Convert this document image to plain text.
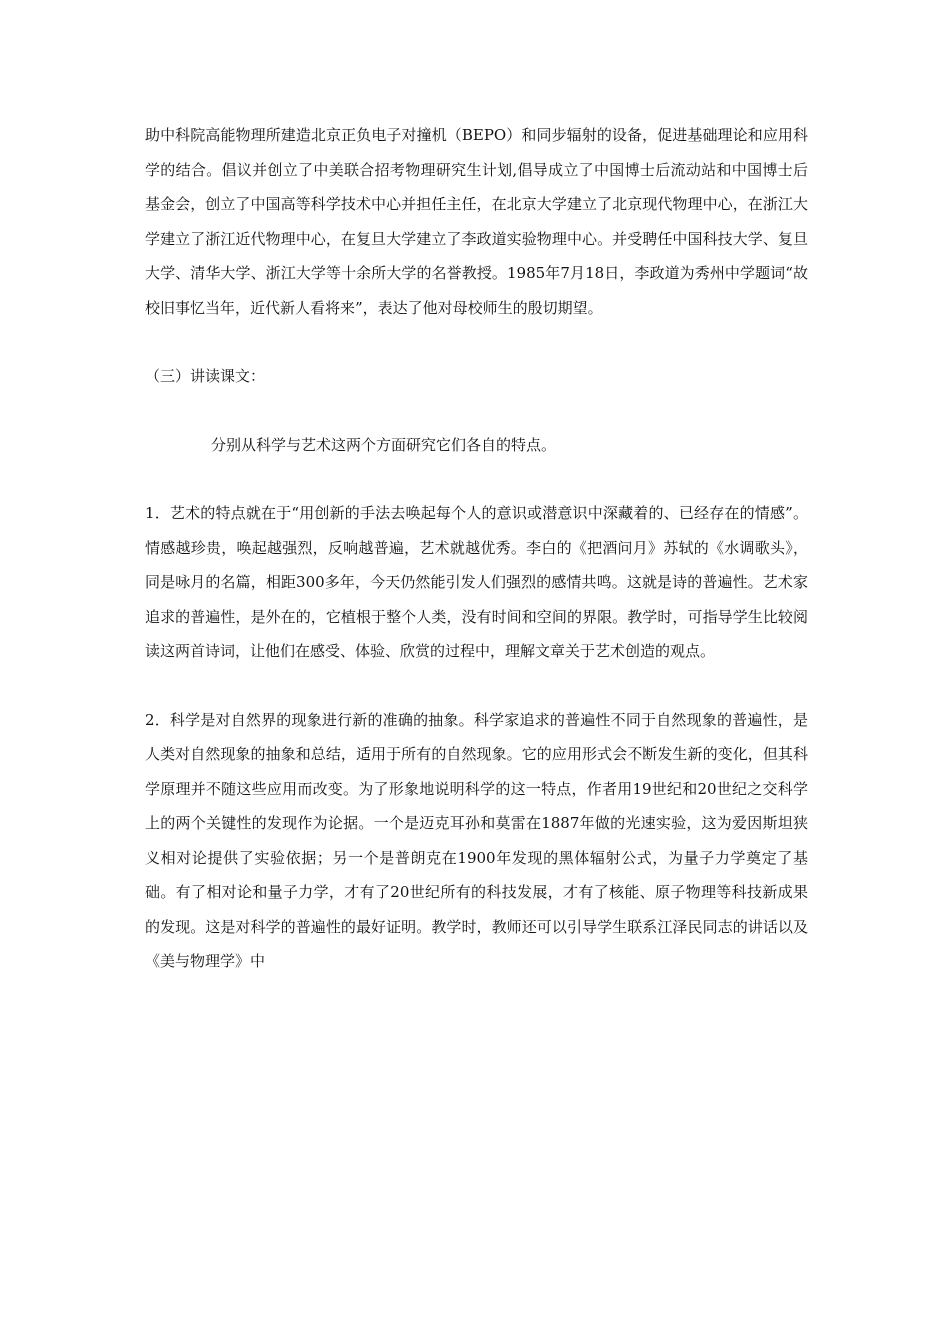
助中科院高能物理所建造北京正负电子对撞机（BEPO）和同步辐射的设备，促进基础理论和应用科学的结合。倡议并创立了中美联合招考物理研究生计划,倡导成立了中国博士后流动站和中国博士后基金会，创立了中国高等科学技术中心并担任主任，在北京大学建立了北京现代物理中心，在浙江大学建立了浙江近代物理中心，在复旦大学建立了李政道实验物理中心。并受聘任中国科技大学、复旦大学、清华大学、浙江大学等十余所大学的名誉教授。1985年7月18日，李政道为秀州中学题词“故校旧事忆当年，近代新人看将来”，表达了他对母校师生的殷切期望。

（三）讲读课文：

分别从科学与艺术这两个方面研究它们各自的特点。

1．艺术的特点就在于“用创新的手法去唤起每个人的意识或潜意识中深藏着的、已经存在的情感”。情感越珍贵，唤起越强烈，反响越普遍，艺术就越优秀。李白的《把酒问月》苏轼的《水调歌头》，同是咏月的名篇，相距300多年，今天仍然能引发人们强烈的感情共鸣。这就是诗的普遍性。艺术家追求的普遍性，是外在的，它植根于整个人类，没有时间和空间的界限。教学时，可指导学生比较阅读这两首诗词，让他们在感受、体验、欣赏的过程中，理解文章关于艺术创造的观点。

2．科学是对自然界的现象进行新的准确的抽象。科学家追求的普遍性不同于自然现象的普遍性，是人类对自然现象的抽象和总结，适用于所有的自然现象。它的应用形式会不断发生新的变化，但其科学原理并不随这些应用而改变。为了形象地说明科学的这一特点，作者用19世纪和20世纪之交科学上的两个关键性的发现作为论据。一个是迈克耳孙和莫雷在1887年做的光速实验，这为爱因斯坦狭义相对论提供了实验依据；另一个是普朗克在1900年发现的黑体辐射公式，为量子力学奠定了基础。有了相对论和量子力学，才有了20世纪所有的科技发展，才有了核能、原子物理等科技新成果的发现。这是对科学的普遍性的最好证明。教学时，教师还可以引导学生联系江泽民同志的讲话以及《美与物理学》中
